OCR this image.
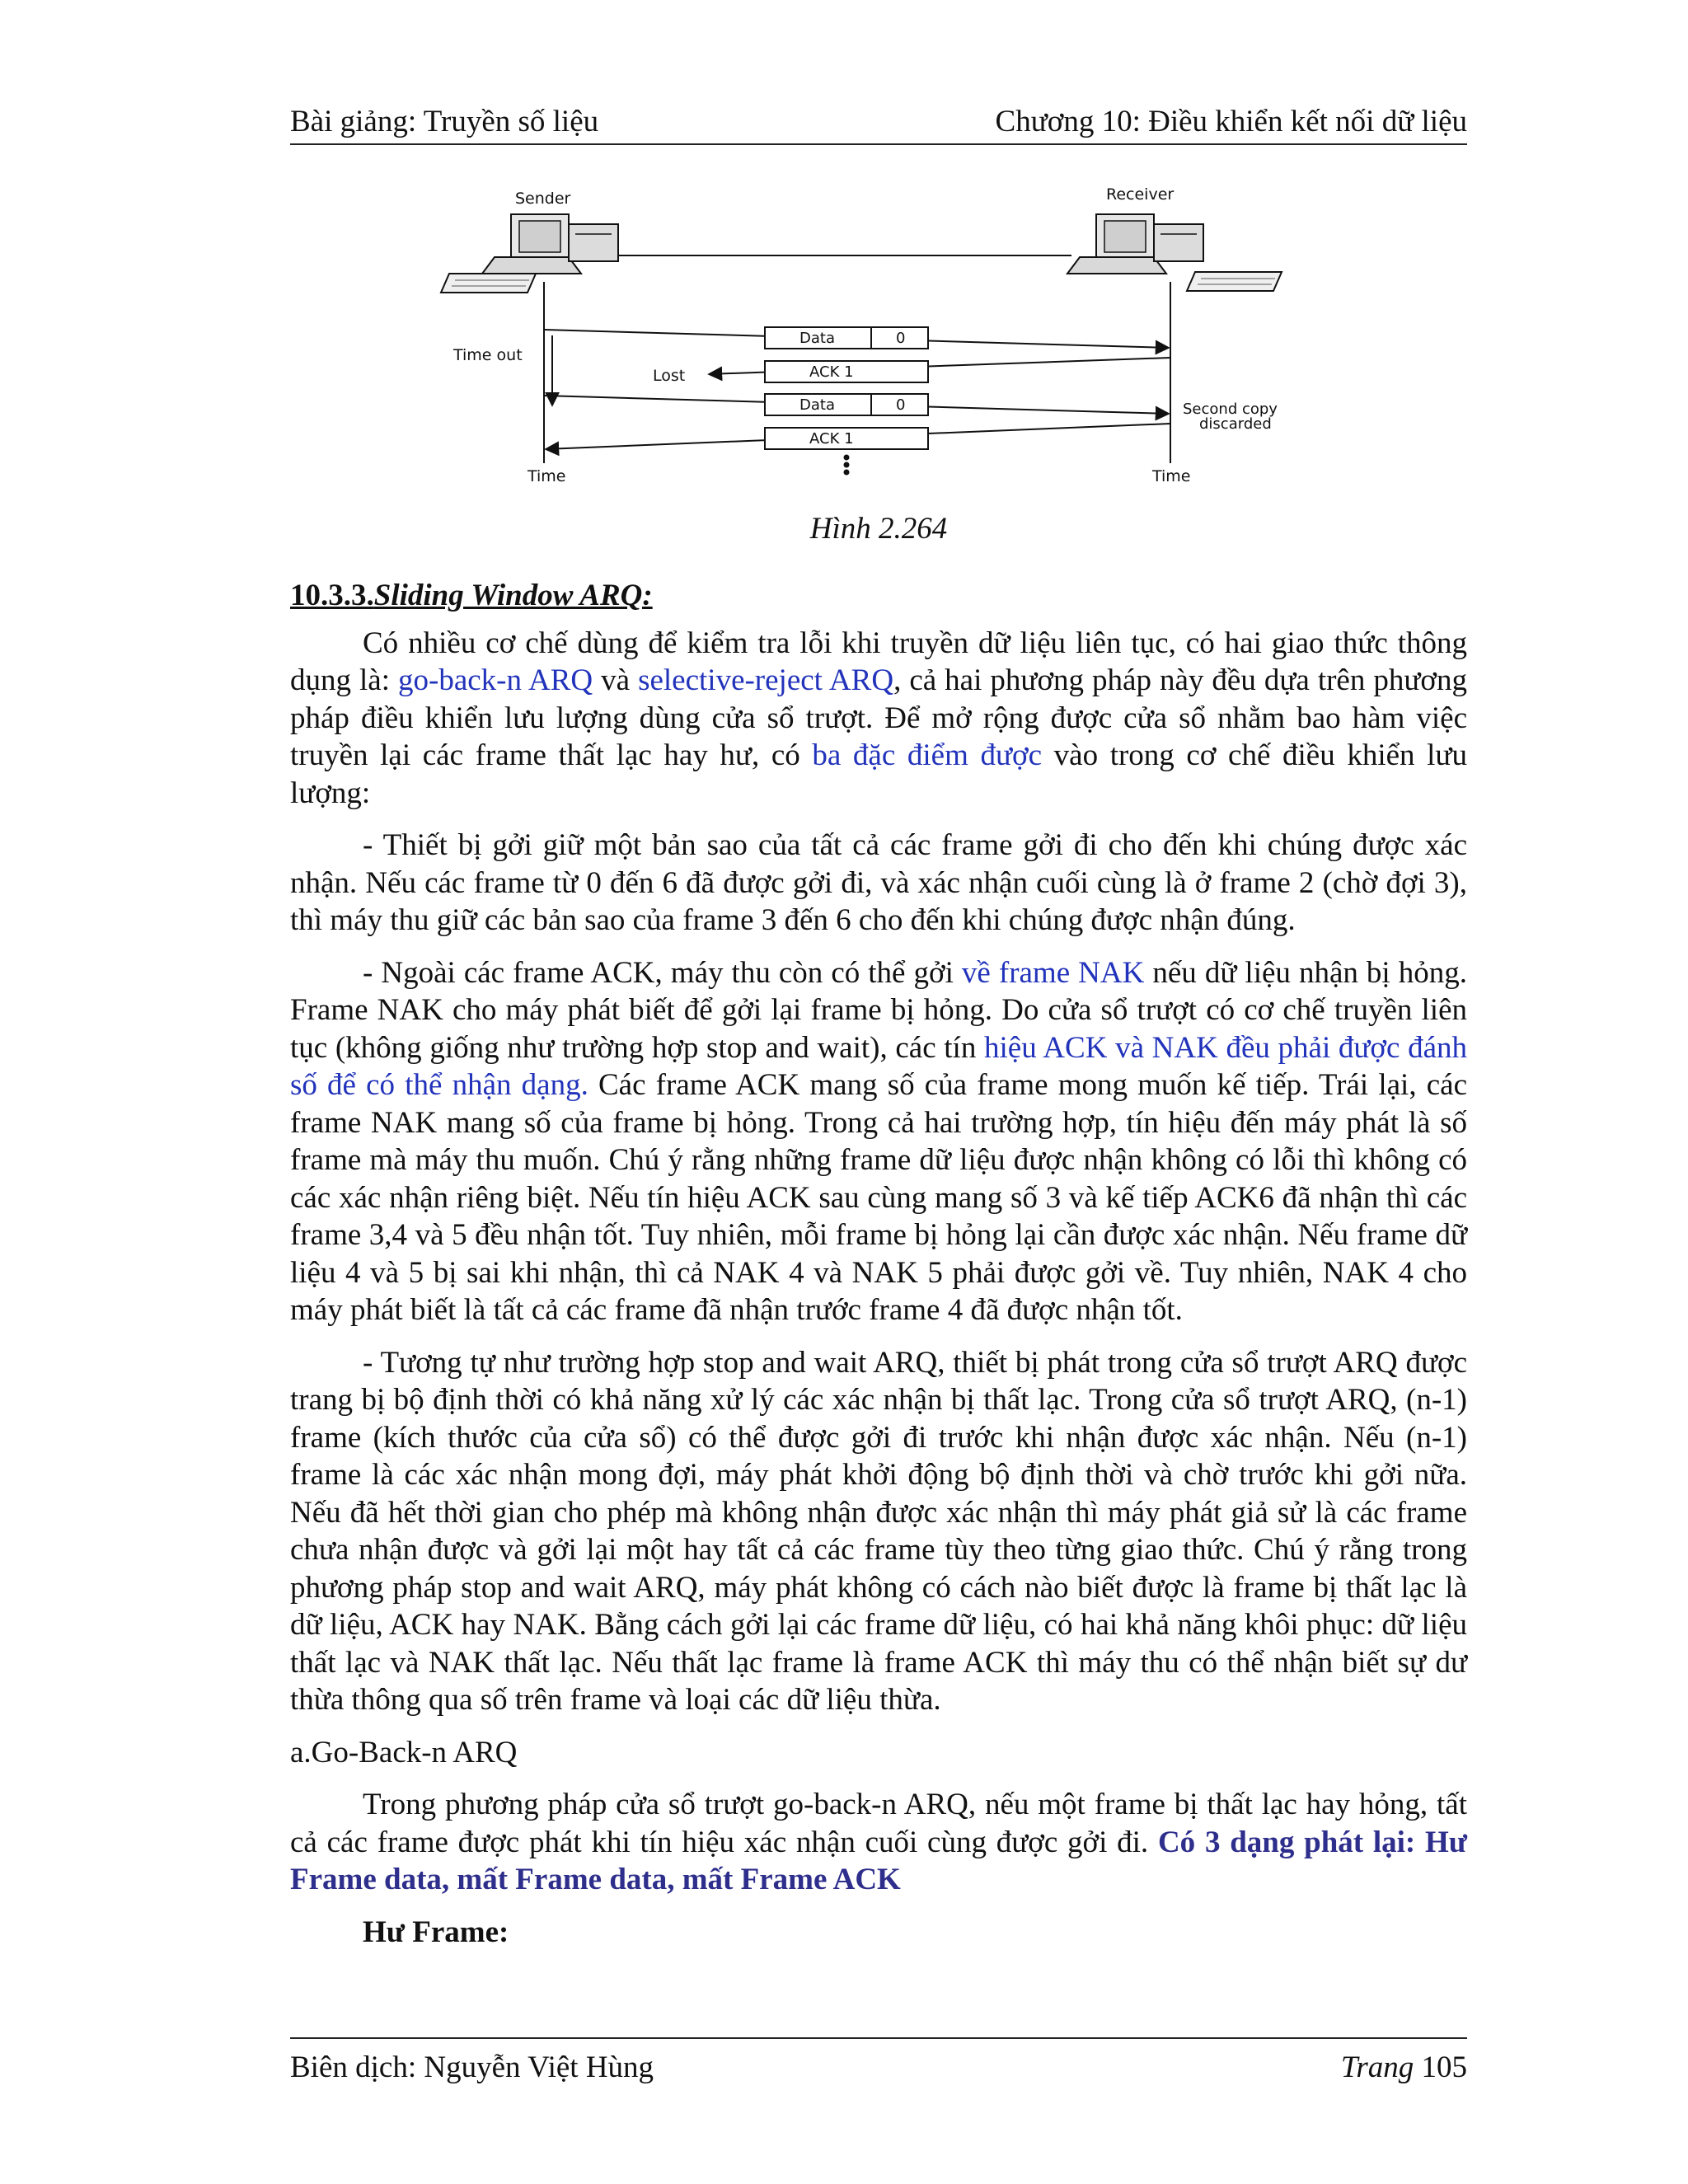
Bài giảng: Truyền số liệu	Chương 10: Điều khiển kết nối dữ liệu
Sender	Receiver
Time out
Data	0
ACK 1
Lost
Data	0
ACK 1
Second copy
discarded
Time	Time
Hình 2.264

10.3.3.Sliding Window ARQ:

Có nhiều cơ chế dùng để kiểm tra lỗi khi truyền dữ liệu liên tục, có hai giao thức thông dụng là: go-back-n ARQ và selective-reject ARQ, cả hai phương pháp này đều dựa trên phương pháp điều khiển lưu lượng dùng cửa sổ trượt. Để mở rộng được cửa sổ nhằm bao hàm việc truyền lại các frame thất lạc hay hư, có ba đặc điểm được vào trong cơ chế điều khiển lưu lượng:

- Thiết bị gởi giữ một bản sao của tất cả các frame gởi đi cho đến khi chúng được xác nhận. Nếu các frame từ 0 đến 6 đã được gởi đi, và xác nhận cuối cùng là ở frame 2 (chờ đợi 3), thì máy thu giữ các bản sao của frame 3 đến 6 cho đến khi chúng được nhận đúng.

- Ngoài các frame ACK, máy thu còn có thể gởi về frame NAK nếu dữ liệu nhận bị hỏng. Frame NAK cho máy phát biết để gởi lại frame bị hỏng. Do cửa sổ trượt có cơ chế truyền liên tục (không giống như trường hợp stop and wait), các tín hiệu ACK và NAK đều phải được đánh số để có thể nhận dạng. Các frame ACK mang số của frame mong muốn kế tiếp. Trái lại, các frame NAK mang số của frame bị hỏng. Trong cả hai trường hợp, tín hiệu đến máy phát là số frame mà máy thu muốn. Chú ý rằng những frame dữ liệu được nhận không có lỗi thì không có các xác nhận riêng biệt. Nếu tín hiệu ACK sau cùng mang số 3 và kế tiếp ACK6 đã nhận thì các frame 3,4 và 5 đều nhận tốt. Tuy nhiên, mỗi frame bị hỏng lại cần được xác nhận. Nếu frame dữ liệu 4 và 5 bị sai khi nhận, thì cả NAK 4 và NAK 5 phải được gởi về. Tuy nhiên, NAK 4 cho máy phát biết là tất cả các frame đã nhận trước frame 4 đã được nhận tốt.

- Tương tự như trường hợp stop and wait ARQ, thiết bị phát trong cửa sổ trượt ARQ được trang bị bộ định thời có khả năng xử lý các xác nhận bị thất lạc. Trong cửa sổ trượt ARQ, (n-1) frame (kích thước của cửa sổ) có thể được gởi đi trước khi nhận được xác nhận. Nếu (n-1) frame là các xác nhận mong đợi, máy phát khởi động bộ định thời và chờ trước khi gởi nữa. Nếu đã hết thời gian cho phép mà không nhận được xác nhận thì máy phát giả sử là các frame chưa nhận được và gởi lại một hay tất cả các frame tùy theo từng giao thức. Chú ý rằng trong phương pháp stop and wait ARQ, máy phát không có cách nào biết được là frame bị thất lạc là dữ liệu, ACK hay NAK. Bằng cách gởi lại các frame dữ liệu, có hai khả năng khôi phục: dữ liệu thất lạc và NAK thất lạc. Nếu thất lạc frame là frame ACK thì máy thu có thể nhận biết sự dư thừa thông qua số trên frame và loại các dữ liệu thừa.

a.Go-Back-n ARQ

Trong phương pháp cửa sổ trượt go-back-n ARQ, nếu một frame bị thất lạc hay hỏng, tất cả các frame được phát khi tín hiệu xác nhận cuối cùng được gởi đi. Có 3 dạng phát lại: Hư Frame data, mất Frame data, mất Frame ACK

Hư Frame:

Biên dịch: Nguyễn Việt Hùng	Trang 105
